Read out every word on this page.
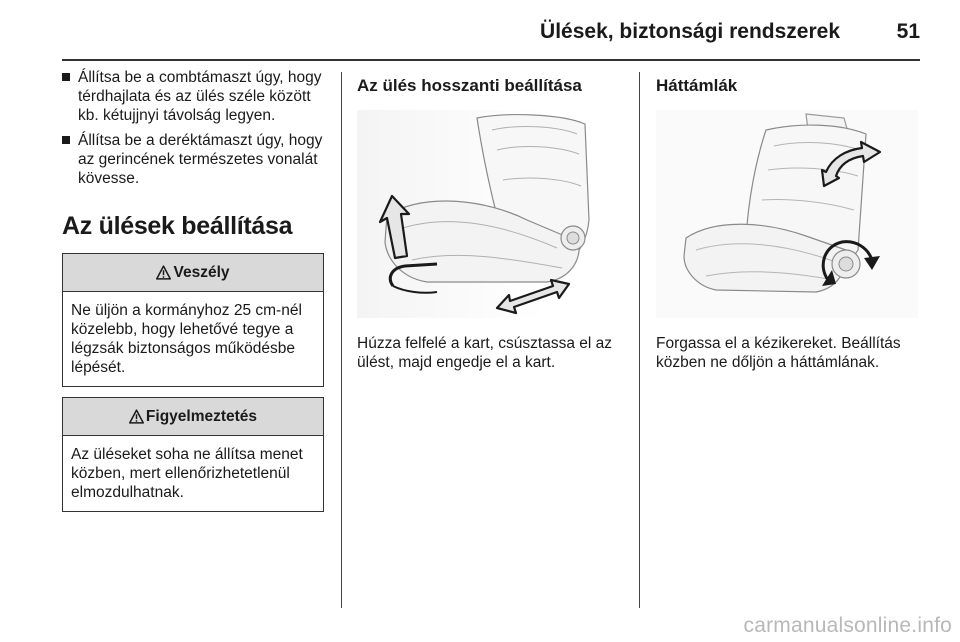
Ülések, biztonsági rendszerek	51
Állítsa be a combtámaszt úgy, hogy térdhajlata és az ülés széle között kb. kétujjnyi távolság legyen.
Állítsa be a deréktámaszt úgy, hogy az gerincének természetes vonalát kövesse.
Az ülések beállítása
Veszély
Ne üljön a kormányhoz 25 cm-nél közelebb, hogy lehetővé tegye a légzsák biztonságos működésbe lépését.
Figyelmeztetés
Az üléseket soha ne állítsa menet közben, mert ellenőrizhetetlenül elmozdulhatnak.
Az ülés hosszanti beállítása
Húzza felfelé a kart, csúsztassa el az ülést, majd engedje el a kart.
Háttámlák
Forgassa el a kézikereket. Beállítás közben ne dőljön a háttámlának.
carmanualsonline.info
